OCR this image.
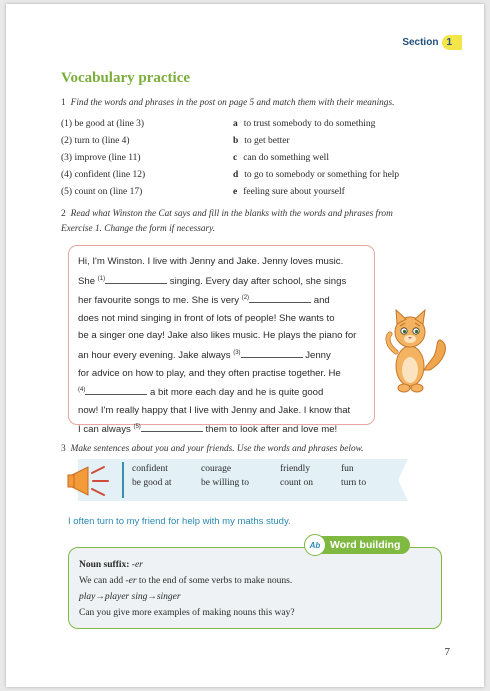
Section 1
Vocabulary practice
1 Find the words and phrases in the post on page 5 and match them with their meanings.
(1) be good at (line 3)	a to trust somebody to do something
(2) turn to (line 4)	b to get better
(3) improve (line 11)	c can do something well
(4) confident (line 12)	d to go to somebody or something for help
(5) count on (line 17)	e feeling sure about yourself
2 Read what Winston the Cat says and fill in the blanks with the words and phrases from
Exercise 1. Change the form if necessary.
Hi, I'm Winston. I live with Jenny and Jake. Jenny loves music.
She $^{(1)}$	singing. Every day after school, she sings
her favourite songs to me. She is very $^{(2)}$	and
does not mind singing in front of lots of people! She wants to
be a singer one day! Jake also likes music. He plays the piano for
an hour every evening. Jake always $^{(3)}$	Jenny
for advice on how to play, and they often practise together. He
$^{(4)}$	a bit more each day and he is quite good
now! I'm really happy that I live with Jenny and Jake. I know that
I can always $^{(5)}$	them to look after and love me!
3 Make sentences about you and your friends. Use the words and phrases below.
confident	courage	friendly	fun
be good at	be willing to	count on	turn to
I often turn to my friend for help with my maths study.
Noun suffix: -er
We can add -er to the end of some verbs to make nouns.
play→player sing→singer
Can you give more examples of making nouns this way?
Ab Word building
7
